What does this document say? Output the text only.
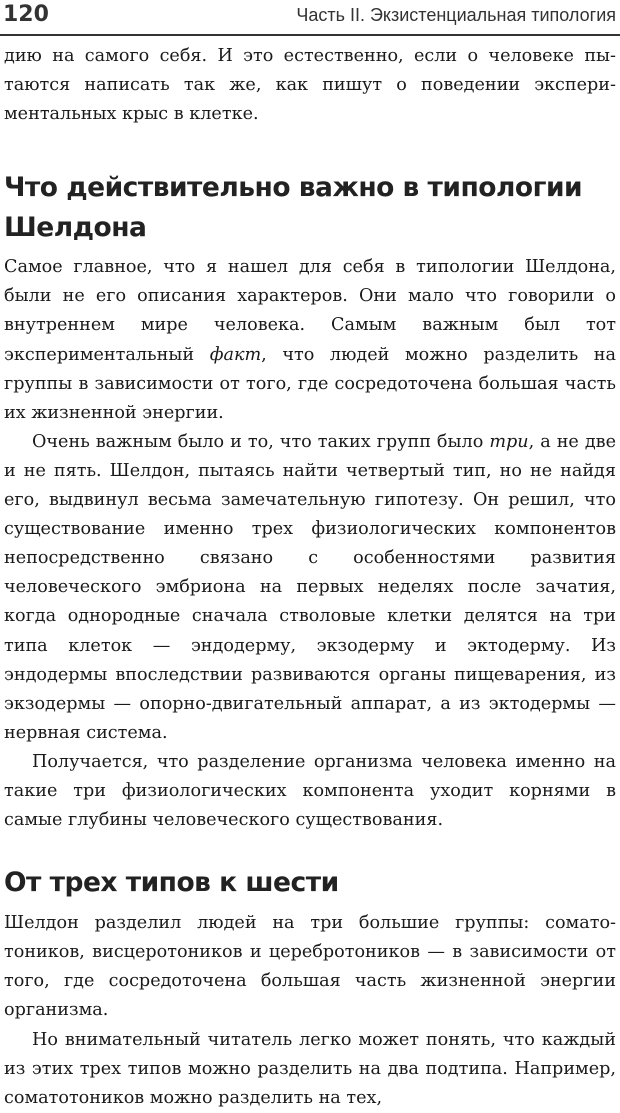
120	Часть II. Экзистенциальная типология

дию на самого себя. И это естественно, если о человеке пытаются написать так же, как пишут о поведении экспериментальных крыс в клетке.

Что действительно важно в типологии Шелдона

Самое главное, что я нашел для себя в типологии Шелдона, были не его описания характеров. Они мало что говорили о внутреннем мире человека. Самым важным был тот экспериментальный факт, что людей можно разделить на группы в зависимости от того, где сосредоточена большая часть их жизненной энергии.

Очень важным было и то, что таких групп было три, а не две и не пять. Шелдон, пытаясь найти четвертый тип, но не найдя его, выдвинул весьма замечательную гипотезу. Он решил, что существование именно трех физиологических компонентов непосредственно связано с особенностями развития человеческого эмбриона на первых неделях после зачатия, когда однородные сначала стволовые клетки делятся на три типа клеток — эндодерму, экзодерму и эктодерму. Из эндодермы впоследствии развиваются органы пищеварения, из экзодермы — опорно-двигательный аппарат, а из эктодермы — нервная система.

Получается, что разделение организма человека именно на такие три физиологических компонента уходит корнями в самые глубины человеческого существования.

От трех типов к шести

Шелдон разделил людей на три большие группы: соматотоников, висцеротоников и церебротоников — в зависимости от того, где сосредоточена большая часть жизненной энергии организма.

Но внимательный читатель легко может понять, что каждый из этих трех типов можно разделить на два подтипа. Например, соматотоников можно разделить на тех,
